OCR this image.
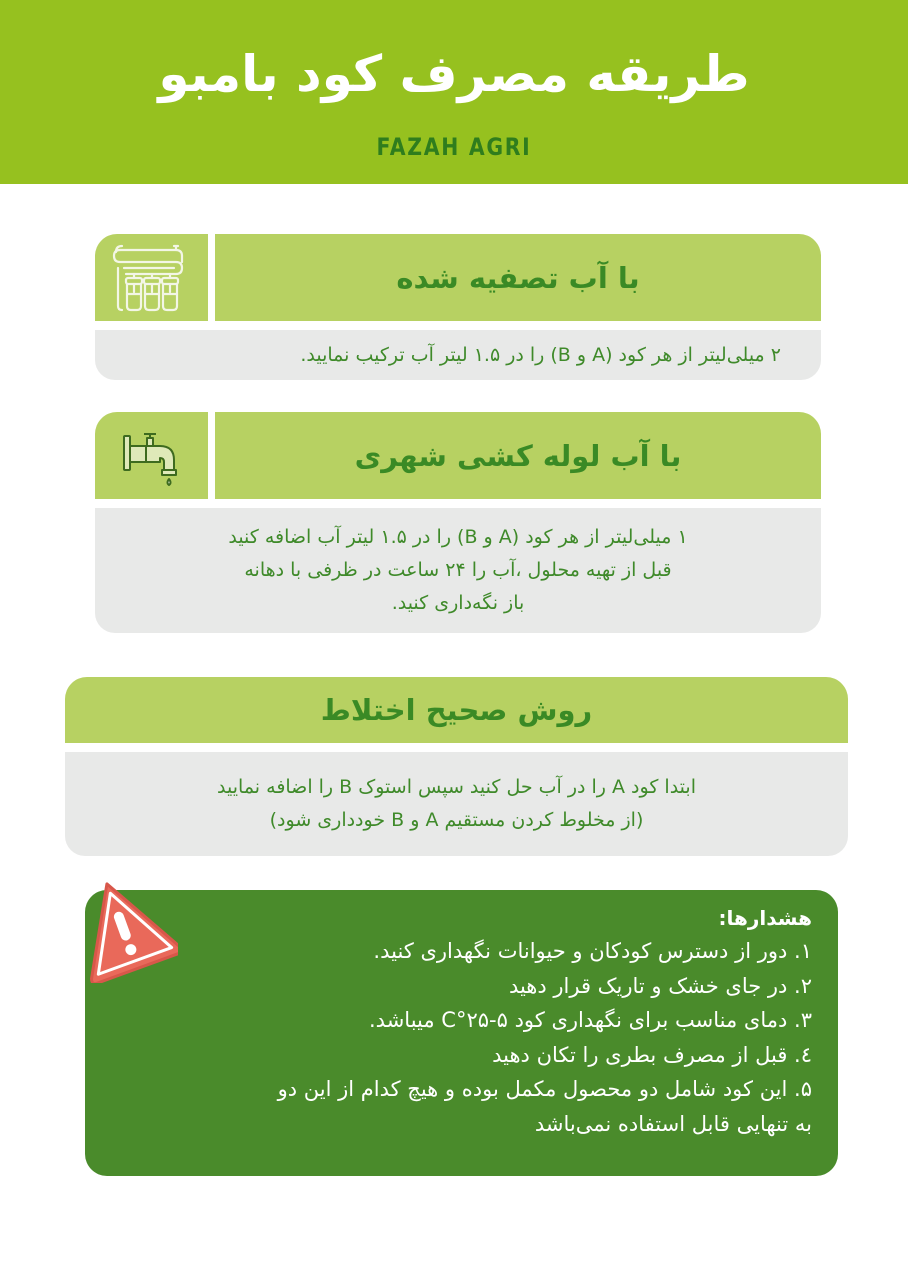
طریقه مصرف کود بامبو
FAZAH AGRI
با آب تصفیه شده
۲ میلی‌لیتر از هر کود (A و B) را در ۱.۵ لیتر آب ترکیب نمایید.
با آب لوله کشی شهری
۱ میلی‌لیتر از هر کود (A و B) را در ۱.۵ لیتر آب اضافه کنید
قبل از تهیه محلول ،آب را ۲۴ ساعت در ظرفی با دهانه
باز نگه‌داری کنید.
روش صحیح اختلاط
ابتدا کود A را در آب حل کنید سپس استوک B را اضافه نمایید
(از مخلوط کردن مستقیم A و B خودداری شود)
هشدارها:
۱. دور از دسترس کودکان و حیوانات نگهداری کنید.
۲. در جای خشک و تاریک قرار دهید
۳. دمای مناسب برای نگهداری کود ۵-۲۵°C میباشد.
٤. قبل از مصرف بطری را تکان دهید
۵. این کود شامل دو محصول مکمل بوده و هیچ کدام از این دو
به تنهایی قابل استفاده نمی‌باشد
